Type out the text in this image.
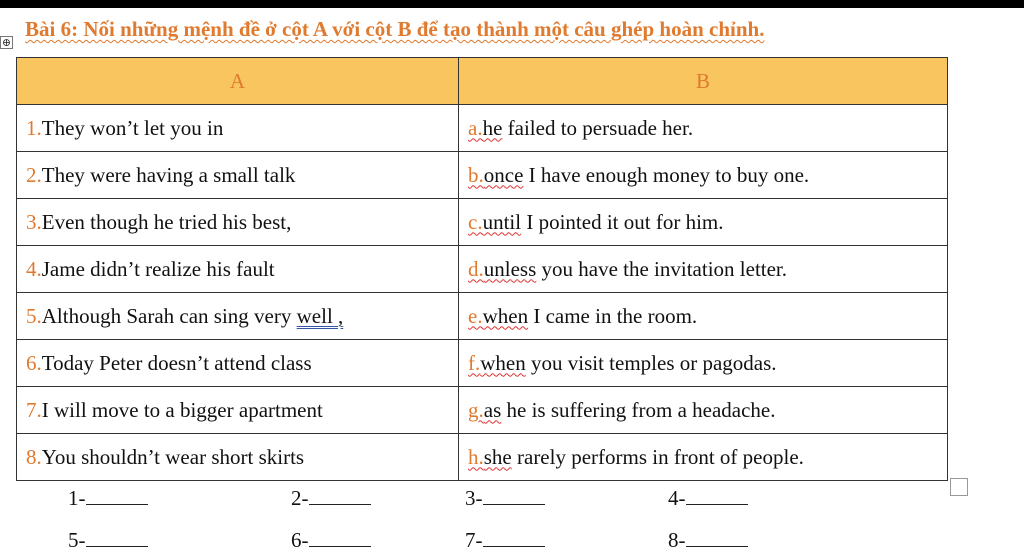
⊕
Bài 6: Nối những mệnh đề ở cột A với cột B để tạo thành một câu ghép hoàn chỉnh.
A	B
1.They won’t let you in	a.he failed to persuade her.
2.They were having a small talk	b.once I have enough money to buy one.
3.Even though he tried his best,	c.until I pointed it out for him.
4.Jame didn’t realize his fault	d.unless you have the invitation letter.
5.Although Sarah can sing very well ,	e.when I came in the room.
6.Today Peter doesn’t attend class	f.when you visit temples or pagodas.
7.I will move to a bigger apartment	g.as he is suffering from a headache.
8.You shouldn’t wear short skirts	h.she rarely performs in front of people.
1-	2-	3-	4-
5-	6-	7-	8-
